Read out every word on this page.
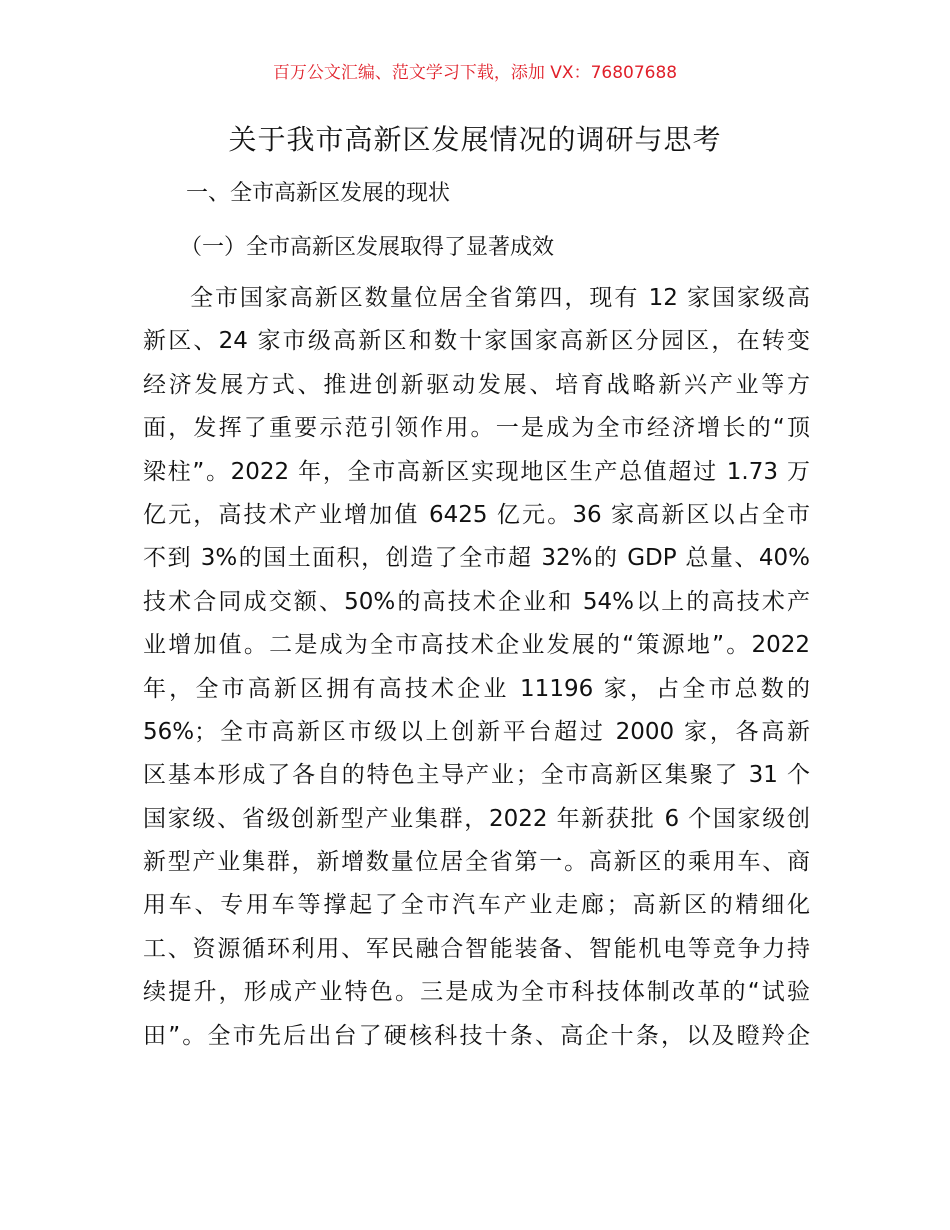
百万公文汇编、范文学习下载，添加 VX：76807688
关于我市高新区发展情况的调研与思考
一、全市高新区发展的现状
（一）全市高新区发展取得了显著成效
全市国家高新区数量位居全省第四，现有 12 家国家级高
新区、24 家市级高新区和数十家国家高新区分园区，在转变
经济发展方式、推进创新驱动发展、培育战略新兴产业等方
面，发挥了重要示范引领作用。一是成为全市经济增长的“顶
梁柱”。2022 年，全市高新区实现地区生产总值超过 1.73 万
亿元，高技术产业增加值 6425 亿元。36 家高新区以占全市
不到 3%的国土面积，创造了全市超 32%的 GDP 总量、40%
技术合同成交额、50%的高技术企业和 54%以上的高技术产
业增加值。二是成为全市高技术企业发展的“策源地”。2022
年，全市高新区拥有高技术企业 11196 家，占全市总数的
56%；全市高新区市级以上创新平台超过 2000 家，各高新
区基本形成了各自的特色主导产业；全市高新区集聚了 31 个
国家级、省级创新型产业集群，2022 年新获批 6 个国家级创
新型产业集群，新增数量位居全省第一。高新区的乘用车、商
用车、专用车等撑起了全市汽车产业走廊；高新区的精细化
工、资源循环利用、军民融合智能装备、智能机电等竞争力持
续提升，形成产业特色。三是成为全市科技体制改革的“试验
田”。全市先后出台了硬核科技十条、高企十条，以及瞪羚企
